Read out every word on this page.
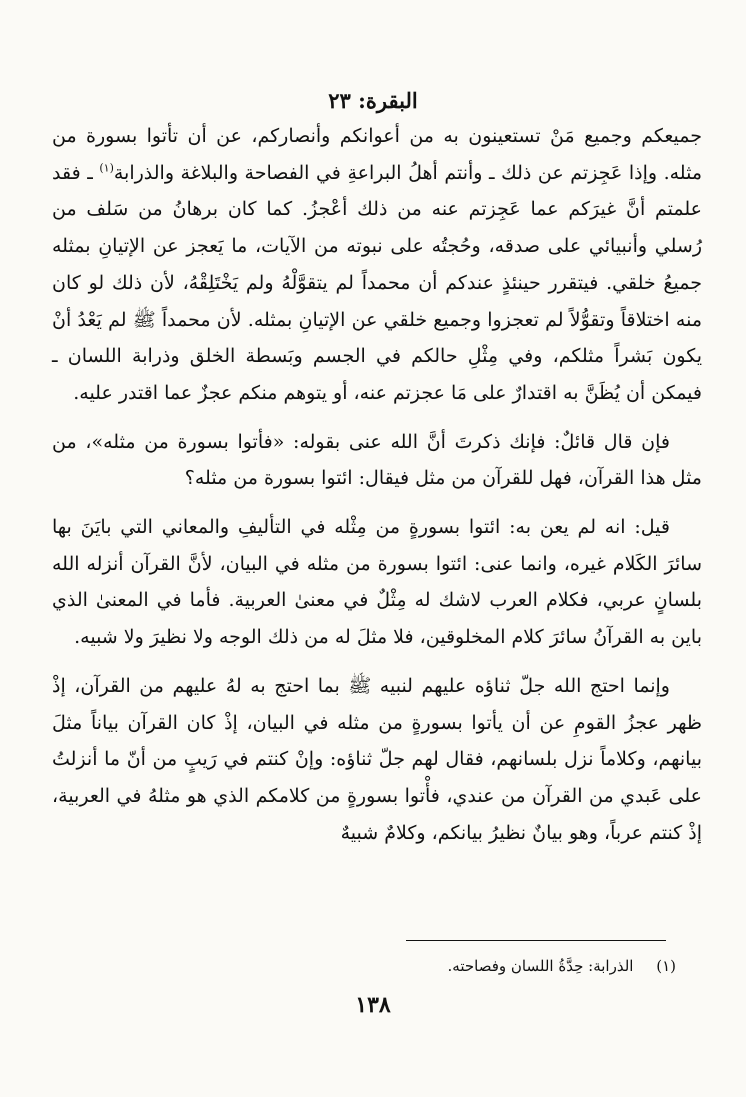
البقرة: ٢٣

جميعكم وجميع مَنْ تستعينون به من أعوانكم وأنصاركم، عن أن تأتوا بسورة من مثله. وإذا عَجِزتم عن ذلك ـ وأنتم أهلُ البراعةِ في الفصاحة والبلاغة والذرابة$^{(١)}$ ـ فقد علمتم أنَّ غيرَكم عما عَجِزتم عنه من ذلك أعْجزُ. كما كان برهانُ من سَلف من رُسلي وأنبيائي على صدقه، وحُجتُه على نبوته من الآيات، ما يَعجز عن الإتيانِ بمثله جميعُ خلقي. فيتقرر حينئذٍ عندكم أن محمداً لم يتقوَّلْهُ ولم يَخْتَلِقْهُ، لأن ذلك لو كان منه اختلاقاً وتقوُّلاً لم تعجزوا وجميع خلقي عن الإتيانِ بمثله. لأن محمداً ﷺ لم يَعْدُ أنْ يكون بَشراً مثلكم، وفي مِثْلِ حالكم في الجسم وبَسطة الخلق وذرابة اللسان ـ فيمكن أن يُظَنَّ به اقتدارٌ على مَا عجزتم عنه، أو يتوهم منكم عجزٌ عما اقتدر عليه.

فإن قال قائلٌ: فإنك ذكرتَ أنَّ الله عنى بقوله: «فأتوا بسورة من مثله»، من مثل هذا القرآن، فهل للقرآن من مثل فيقال: ائتوا بسورة من مثله؟

قيل: انه لم يعن به: ائتوا بسورةٍ من مِثْله في التأليفِ والمعاني التي بايَنَ بها سائرَ الكَلام غيره، وانما عنى: ائتوا بسورة من مثله في البيان، لأنَّ القرآن أنزله الله بلسانٍ عربي، فكلام العرب لاشك له مِثْلٌ في معنىٰ العربية. فأما في المعنىٰ الذي باين به القرآنُ سائرَ كلام المخلوقين، فلا مثلَ له من ذلك الوجه ولا نظيرَ ولا شبيه.

وإنما احتج الله جلّ ثناؤه عليهم لنبيه ﷺ بما احتج به لهُ عليهم من القرآن، إذْ ظهر عجزُ القومِ عن أن يأتوا بسورةٍ من مثله في البيان، إذْ كان القرآن بياناً مثلَ بيانهم، وكلاماً نزل بلسانهم، فقال لهم جلّ ثناؤه: وإنْ كنتم في رَيبٍ من أنّ ما أنزلتُ على عَبدي من القرآن من عندي، فأْتوا بسورةٍ من كلامكم الذي هو مثلهُ في العربية، إذْ كنتم عرباً، وهو بيانٌ نظيرُ بيانكم، وكلامٌ شبيهٌ

(١) الذرابة: حِدَّةُ اللسان وفصاحته.
١٣٨
